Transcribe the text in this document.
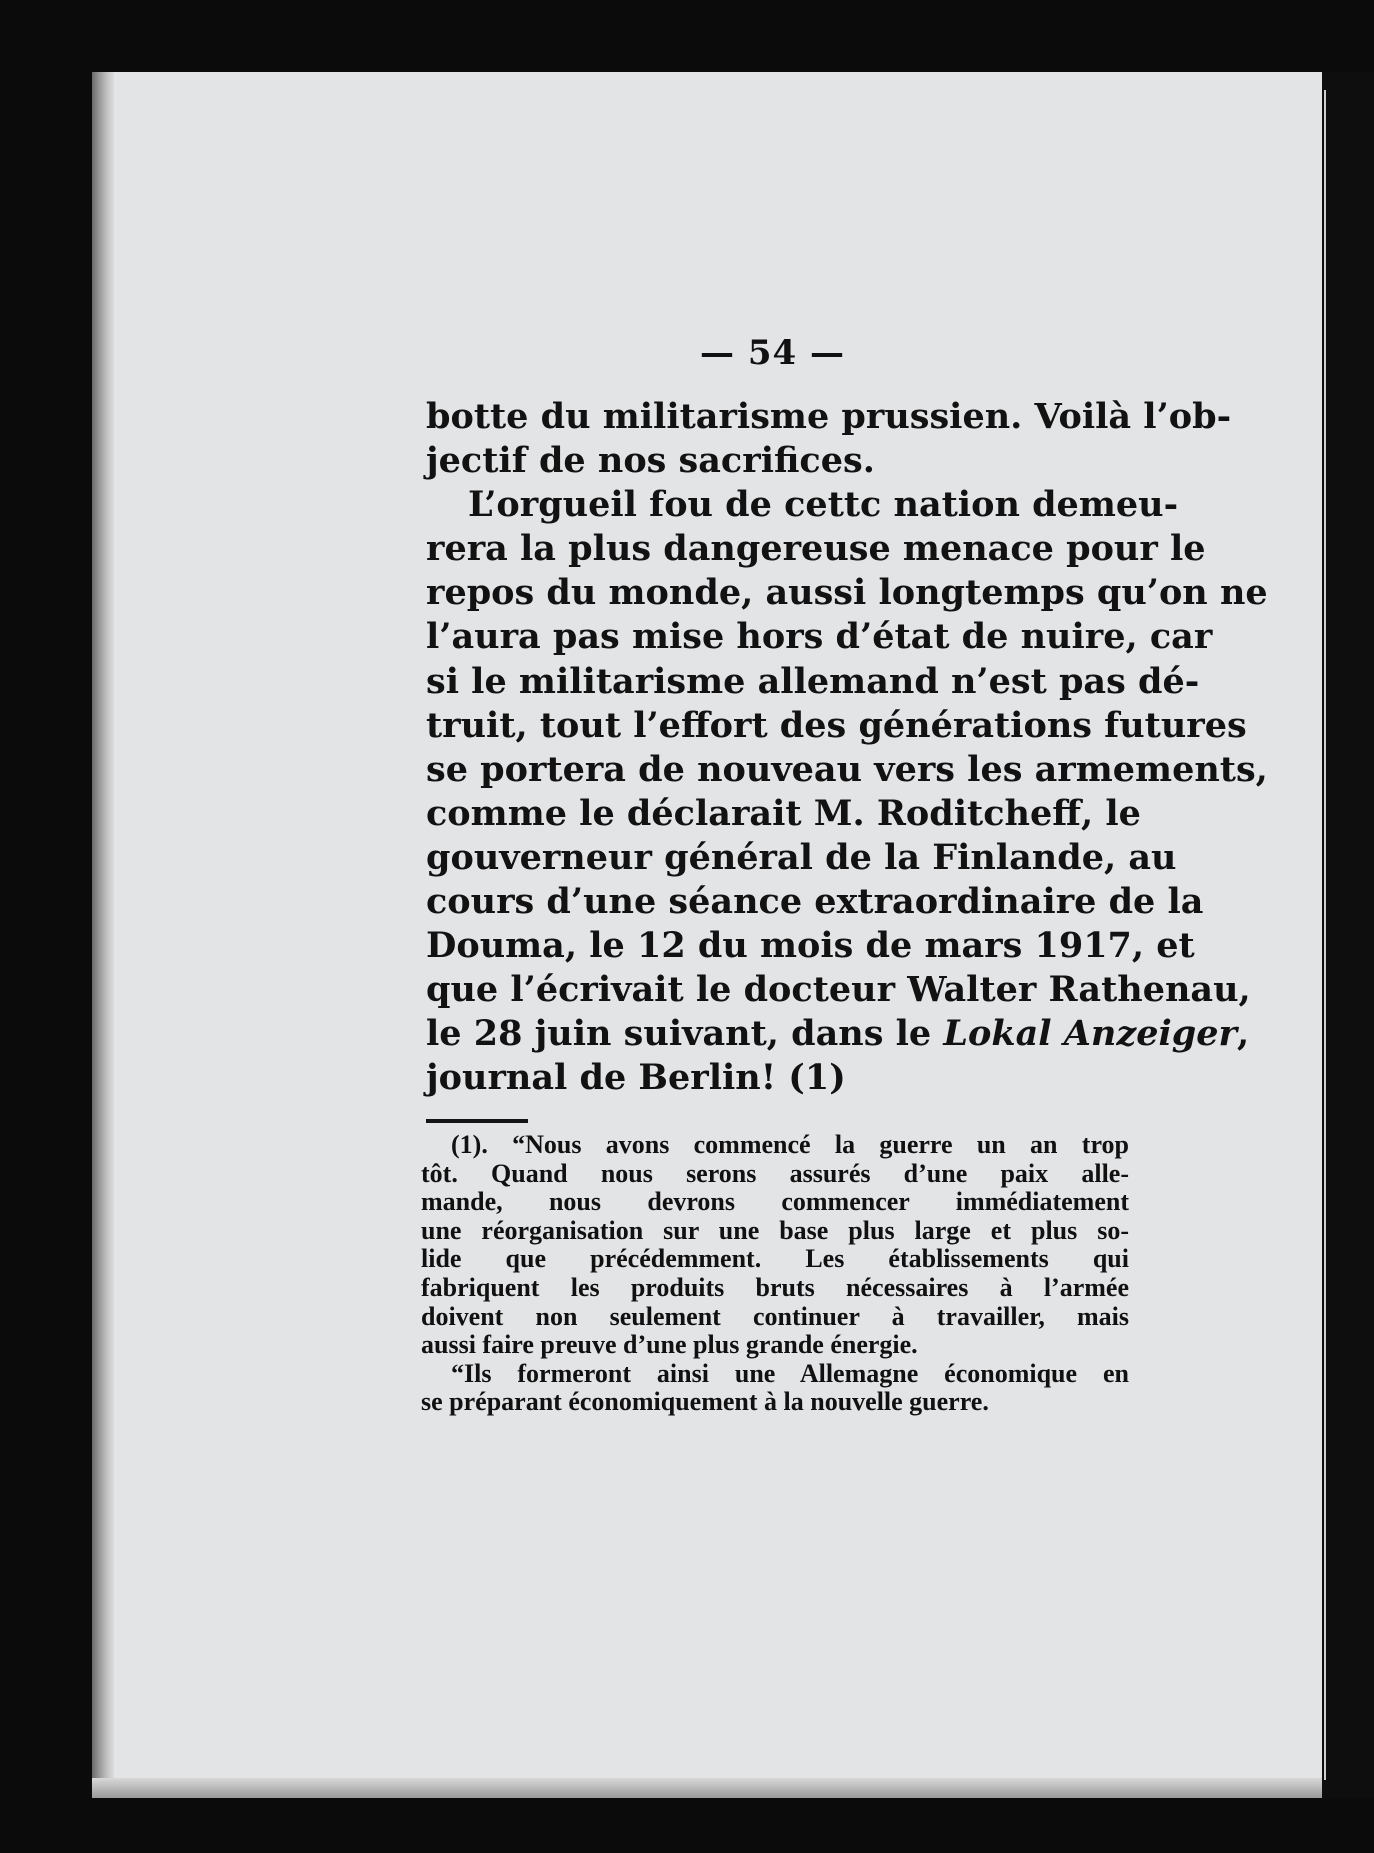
— 54 —
botte du militarisme prussien. Voilà l’ob-
jectif de nos sacrifices.
L’orgueil fou de cettc nation demeu-
rera la plus dangereuse menace pour le
repos du monde, aussi longtemps qu’on ne
l’aura pas mise hors d’état de nuire, car
si le militarisme allemand n’est pas dé-
truit, tout l’effort des générations futures
se portera de nouveau vers les armements,
comme le déclarait M. Roditcheff, le
gouverneur général de la Finlande, au
cours d’une séance extraordinaire de la
Douma, le 12 du mois de mars 1917, et
que l’écrivait le docteur Walter Rathenau,
le 28 juin suivant, dans le Lokal Anzeiger,
journal de Berlin! (1)
(1). “Nous avons commencé la guerre un an trop
tôt. Quand nous serons assurés d’une paix alle-
mande, nous devrons commencer immédiatement
une réorganisation sur une base plus large et plus so-
lide que précédemment. Les établissements qui
fabriquent les produits bruts nécessaires à l’armée
doivent non seulement continuer à travailler, mais
aussi faire preuve d’une plus grande énergie.
“Ils formeront ainsi une Allemagne économique en
se préparant économiquement à la nouvelle guerre.
